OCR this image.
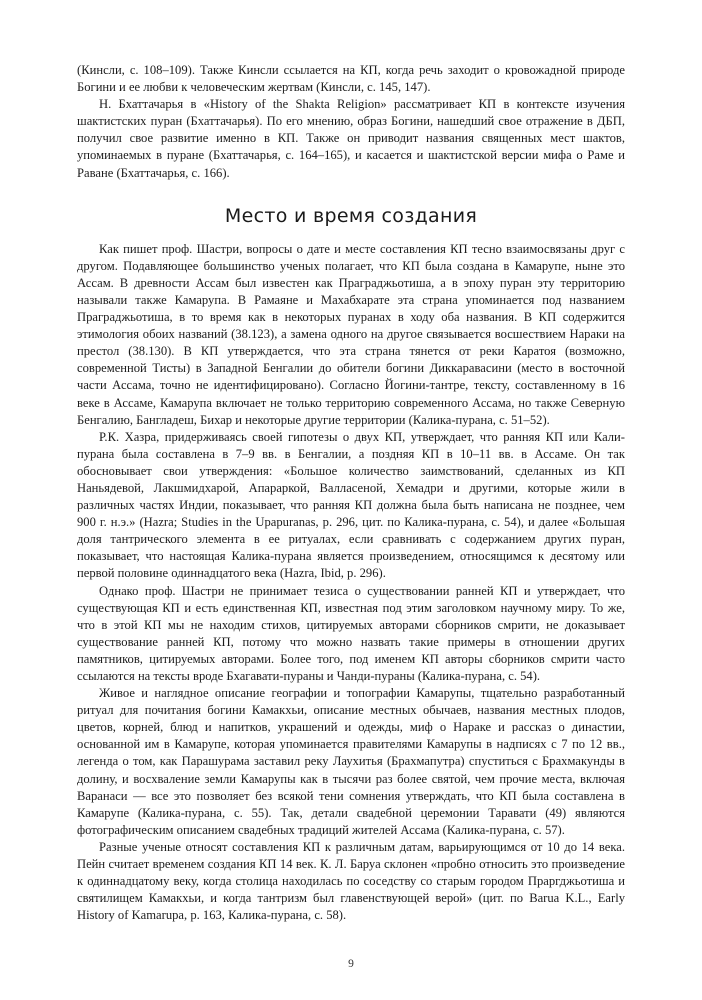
(Кинсли, с. 108–109). Также Кинсли ссылается на КП, когда речь заходит о кровожадной природе Богини и ее любви к человеческим жертвам (Кинсли, с. 145, 147).

Н. Бхаттачарья в «History of the Shakta Religion» рассматривает КП в контексте изучения шактистских пуран (Бхаттачарья). По его мнению, образ Богини, нашедший свое отражение в ДБП, получил свое развитие именно в КП. Также он приводит названия священных мест шактов, упоминаемых в пуране (Бхаттачарья, с. 164–165), и касается и шактистской версии мифа о Раме и Раване (Бхаттачарья, с. 166).

Место и время создания

Как пишет проф. Шастри, вопросы о дате и месте составления КП тесно взаимосвязаны друг с другом. Подавляющее большинство ученых полагает, что КП была создана в Камарупе, ныне это Ассам. В древности Ассам был известен как Праграджьотиша, а в эпоху пуран эту территорию называли также Камарупа. В Рамаяне и Махабхарате эта страна упоминается под названием Праграджьотиша, в то время как в некоторых пуранах в ходу оба названия. В КП содержится этимология обоих названий (38.123), а замена одного на другое связывается восшествием Нараки на престол (38.130). В КП утверждается, что эта страна тянется от реки Каратоя (возможно, современной Тисты) в Западной Бенгалии до обители богини Диккаравасини (место в восточной части Ассама, точно не идентифицировано). Согласно Йогини-тантре, тексту, составленному в 16 веке в Ассаме, Камарупа включает не только территорию современного Ассама, но также Северную Бенгалию, Бангладеш, Бихар и некоторые другие территории (Калика-пурана, с. 51–52).

Р.К. Хазра, придерживаясь своей гипотезы о двух КП, утверждает, что ранняя КП или Кали-пурана была составлена в 7–9 вв. в Бенгалии, а поздняя КП в 10–11 вв. в Ассаме. Он так обосновывает свои утверждения: «Большое количество заимствований, сделанных из КП Наньядевой, Лакшмидхарой, Апараркой, Валласеной, Хемадри и другими, которые жили в различных частях Индии, показывает, что ранняя КП должна была быть написана не позднее, чем 900 г. н.э.» (Hazra; Studies in the Upapuranas, p. 296, цит. по Калика-пурана, с. 54), и далее «Большая доля тантрического элемента в ее ритуалах, если сравнивать с содержанием других пуран, показывает, что настоящая Калика-пурана является произведением, относящимся к десятому или первой половине одиннадцатого века (Hazra, Ibid, p. 296).

Однако проф. Шастри не принимает тезиса о существовании ранней КП и утверждает, что существующая КП и есть единственная КП, известная под этим заголовком научному миру. То же, что в этой КП мы не находим стихов, цитируемых авторами сборников смрити, не доказывает существование ранней КП, потому что можно назвать такие примеры в отношении других памятников, цитируемых авторами. Более того, под именем КП авторы сборников смрити часто ссылаются на тексты вроде Бхагавати-пураны и Чанди-пураны (Калика-пурана, с. 54).

Живое и наглядное описание географии и топографии Камарупы, тщательно разработанный ритуал для почитания богини Камакхьи, описание местных обычаев, названия местных плодов, цветов, корней, блюд и напитков, украшений и одежды, миф о Нараке и рассказ о династии, основанной им в Камарупе, которая упоминается правителями Камарупы в надписях с 7 по 12 вв., легенда о том, как Парашурама заставил реку Лаухитья (Брахмапутра) спуститься с Брахмакунды в долину, и восхваление земли Камарупы как в тысячи раз более святой, чем прочие места, включая Варанаси — все это позволяет без всякой тени сомнения утверждать, что КП была составлена в Камарупе (Калика-пурана, с. 55). Так, детали свадебной церемонии Таравати (49) являются фотографическим описанием свадебных традиций жителей Ассама (Калика-пурана, с. 57).

Разные ученые относят составления КП к различным датам, варьирующимся от 10 до 14 века. Пейн считает временем создания КП 14 век. К. Л. Баруа склонен «пробно относить это произведение к одиннадцатому веку, когда столица находилась по соседству со старым городом Праргджьотиша и святилищем Камакхьи, и когда тантризм был главенствующей верой» (цит. по Barua K.L., Early History of Kamarupa, p. 163, Калика-пурана, с. 58).

9
